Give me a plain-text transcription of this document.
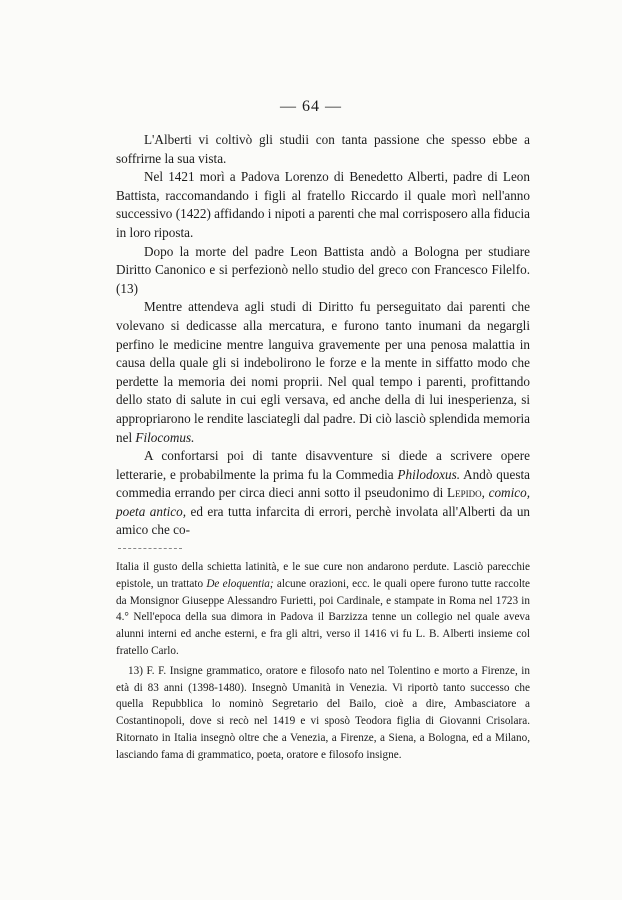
— 64 —

L'Alberti vi coltivò gli studii con tanta passione che spesso ebbe a soffrirne la sua vista.

Nel 1421 morì a Padova Lorenzo di Benedetto Alberti, padre di Leon Battista, raccomandando i figli al fratello Riccardo il quale morì nell'anno successivo (1422) affidando i nipoti a parenti che mal corrisposero alla fiducia in loro riposta.

Dopo la morte del padre Leon Battista andò a Bologna per studiare Diritto Canonico e si perfezionò nello studio del greco con Francesco Filelfo. (13)

Mentre attendeva agli studi di Diritto fu perseguitato dai parenti che volevano si dedicasse alla mercatura, e furono tanto inumani da negargli perfino le medicine mentre languiva gravemente per una penosa malattia in causa della quale gli si indebolirono le forze e la mente in siffatto modo che perdette la memoria dei nomi proprii. Nel qual tempo i parenti, profittando dello stato di salute in cui egli versava, ed anche della di lui inesperienza, si appropriarono le rendite lasciategli dal padre. Di ciò lasciò splendida memoria nel Filocomus.

A confortarsi poi di tante disavventure si diede a scrivere opere letterarie, e probabilmente la prima fu la Commedia Philodoxus. Andò questa commedia errando per circa dieci anni sotto il pseudonimo di Lepido, comico, poeta antico, ed era tutta infarcita di errori, perchè involata all'Alberti da un amico che co-

Italia il gusto della schietta latinità, e le sue cure non andarono perdute. Lasciò parecchie epistole, un trattato De eloquentia; alcune orazioni, ecc. le quali opere furono tutte raccolte da Monsignor Giuseppe Alessandro Furietti, poi Cardinale, e stampate in Roma nel 1723 in 4.° Nell'epoca della sua dimora in Padova il Barzizza tenne un collegio nel quale aveva alunni interni ed anche esterni, e fra gli altri, verso il 1416 vi fu L. B. Alberti insieme col fratello Carlo.

13) F. F. Insigne grammatico, oratore e filosofo nato nel Tolentino e morto a Firenze, in età di 83 anni (1398-1480). Insegnò Umanità in Venezia. Vi riportò tanto successo che quella Repubblica lo nominò Segretario del Bailo, cioè a dire, Ambasciatore a Costantinopoli, dove si recò nel 1419 e vi sposò Teodora figlia di Giovanni Crisolara. Ritornato in Italia insegnò oltre che a Venezia, a Firenze, a Siena, a Bologna, ed a Milano, lasciando fama di grammatico, poeta, oratore e filosofo insigne.
